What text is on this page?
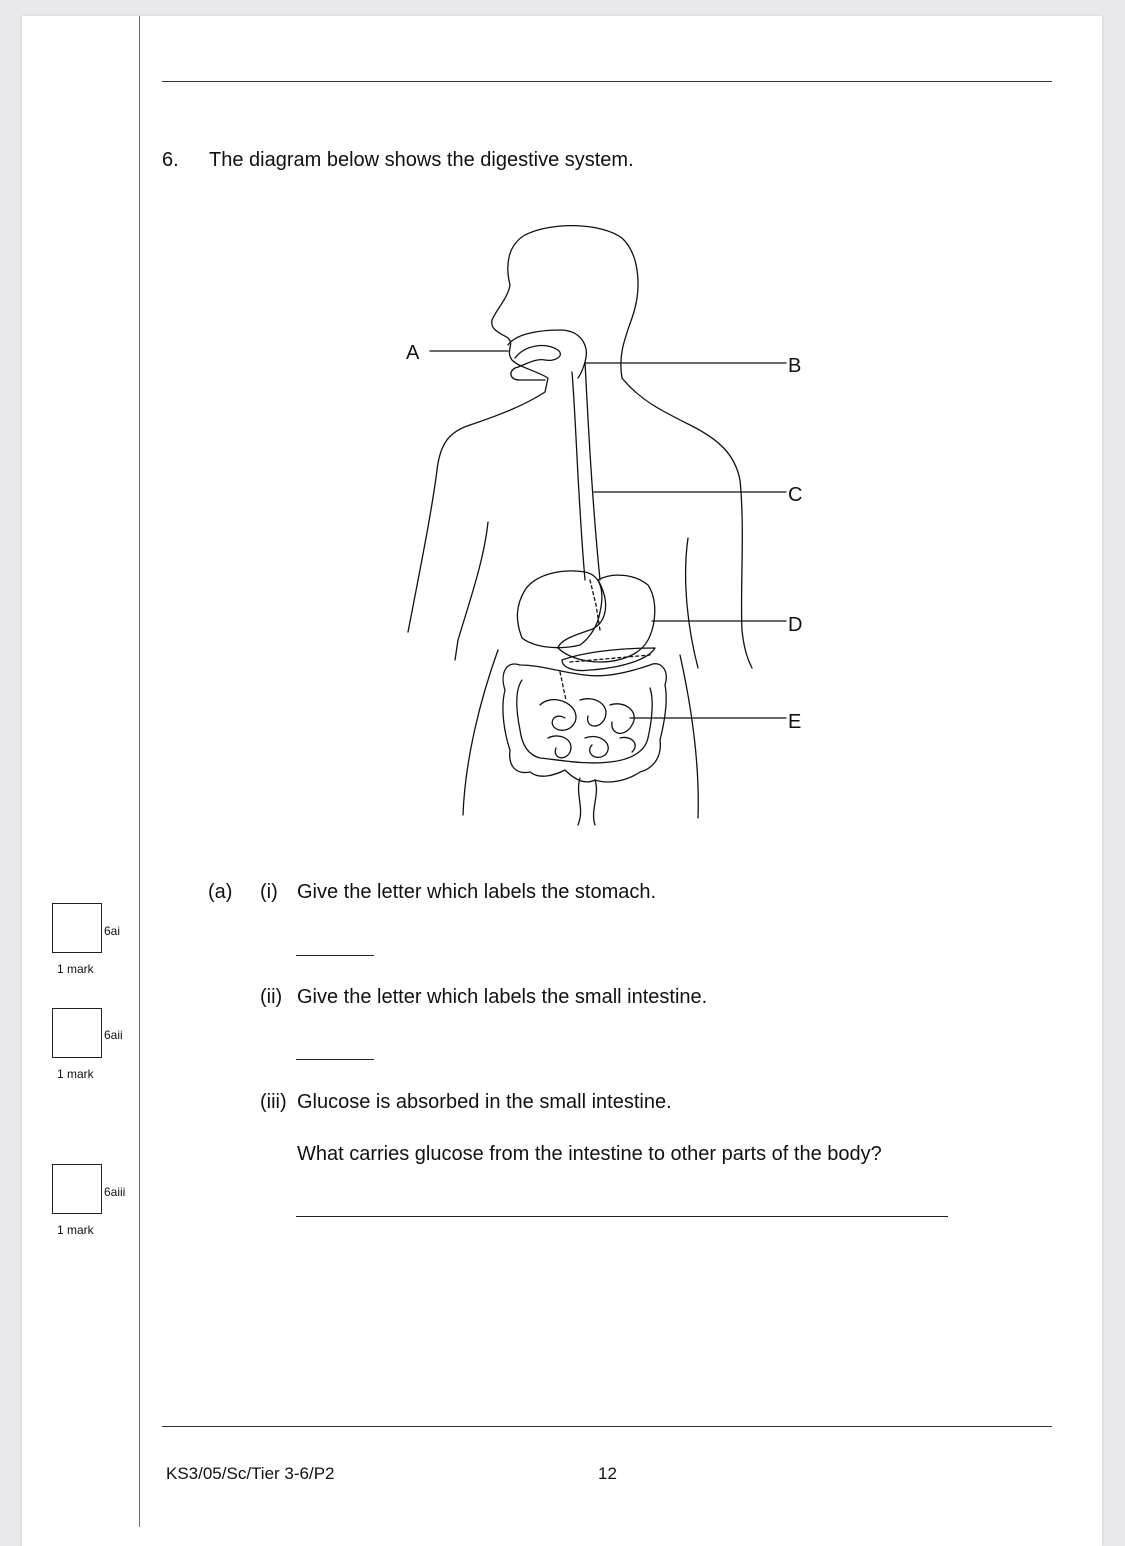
6. The diagram below shows the digestive system.
A
B
C
D
E
(a) (i) Give the letter which labels the stomach.
(ii) Give the letter which labels the small intestine.
(iii) Glucose is absorbed in the small intestine.
What carries glucose from the intestine to other parts of the body?
6ai
1 mark
6aii
1 mark
6aiii
1 mark
KS3/05/Sc/Tier 3-6/P2	12
